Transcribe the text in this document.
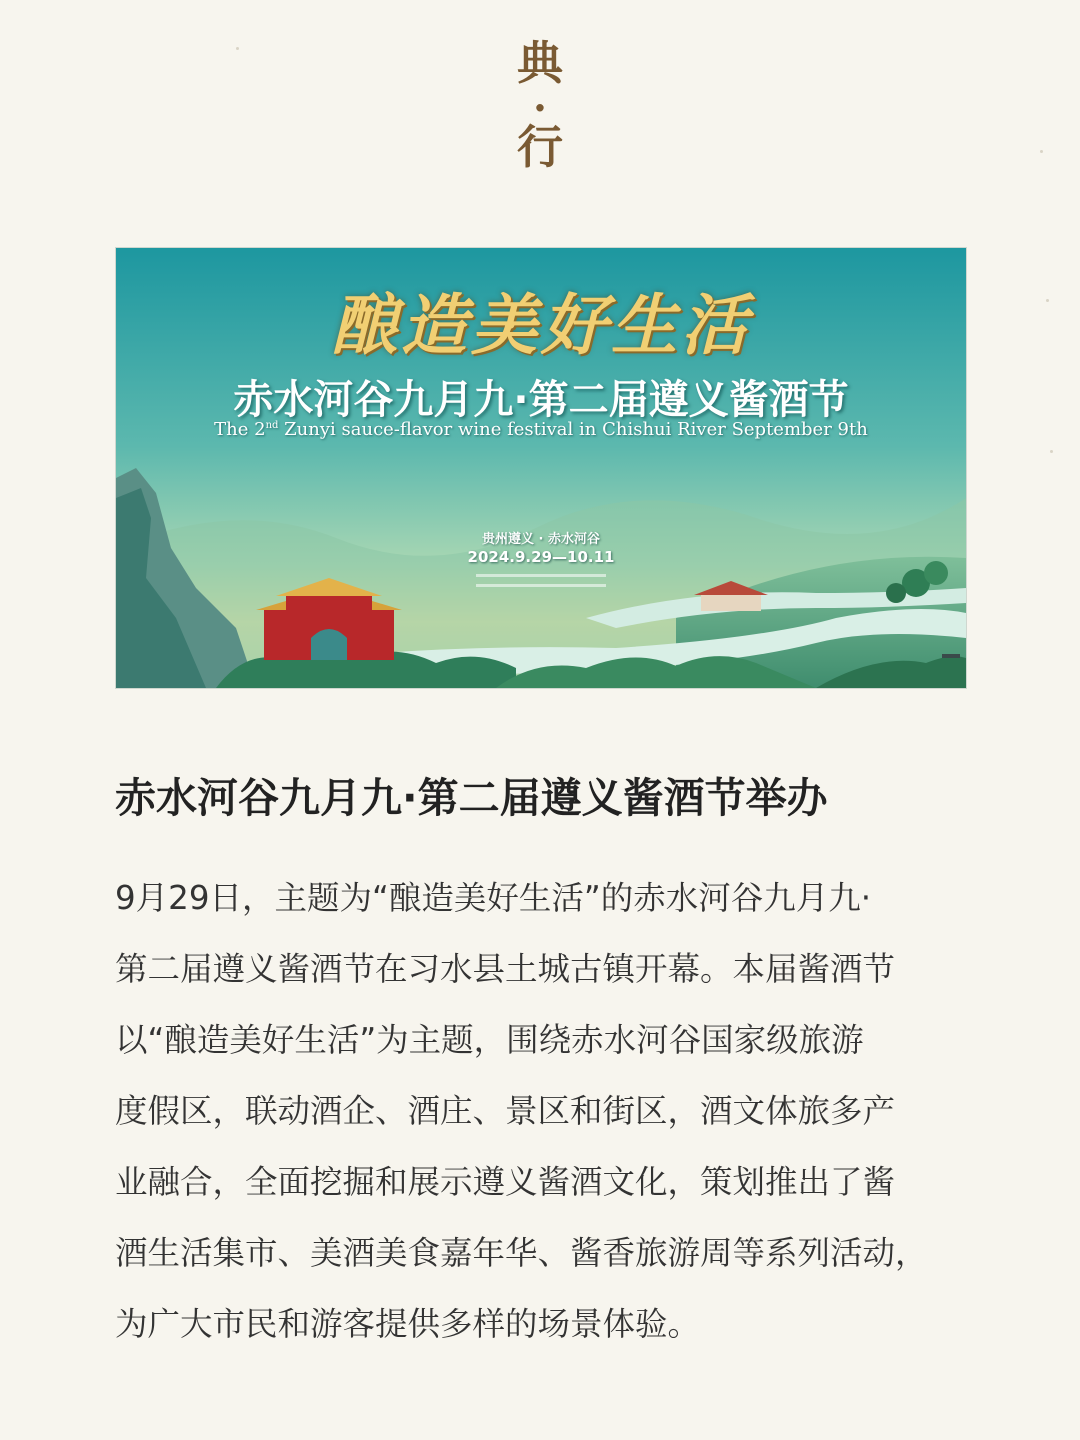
典
·
行
酿造美好生活
赤水河谷九月九·第二届遵义酱酒节
The 2nd Zunyi sauce-flavor wine festival in Chishui River September 9th
贵州遵义 · 赤水河谷
2024.9.29—10.11
赤水河谷九月九·第二届遵义酱酒节举办
9月29日，主题为“酿造美好生活”的赤水河谷九月九·
第二届遵义酱酒节在习水县土城古镇开幕。本届酱酒节
以“酿造美好生活”为主题，围绕赤水河谷国家级旅游
度假区，联动酒企、酒庄、景区和街区，酒文体旅多产
业融合，全面挖掘和展示遵义酱酒文化，策划推出了酱
酒生活集市、美酒美食嘉年华、酱香旅游周等系列活动，
为广大市民和游客提供多样的场景体验。
